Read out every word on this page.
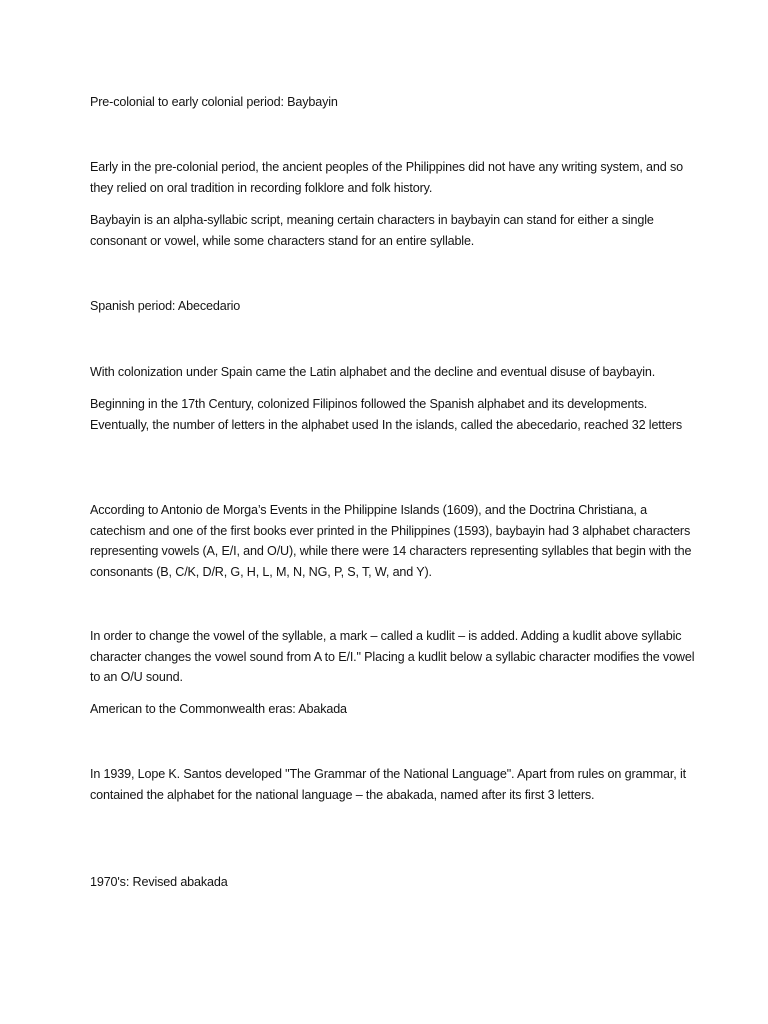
Pre-colonial to early colonial period: Baybayin

Early in the pre-colonial period, the ancient peoples of the Philippines did not have any writing system, and so they relied on oral tradition in recording folklore and folk history.

Baybayin is an alpha-syllabic script, meaning certain characters in baybayin can stand for either a single consonant or vowel, while some characters stand for an entire syllable.

Spanish period: Abecedario

With colonization under Spain came the Latin alphabet and the decline and eventual disuse of baybayin.

Beginning in the 17th Century, colonized Filipinos followed the Spanish alphabet and its developments. Eventually, the number of letters in the alphabet used In the islands, called the abecedario, reached 32 letters

According to Antonio de Morga’s Events in the Philippine Islands (1609), and the Doctrina Christiana, a catechism and one of the first books ever printed in the Philippines (1593), baybayin had 3 alphabet characters representing vowels (A, E/I, and O/U), while there were 14 characters representing syllables that begin with the consonants (B, C/K, D/R, G, H, L, M, N, NG, P, S, T, W, and Y).

In order to change the vowel of the syllable, a mark – called a kudlit – is added. Adding a kudlit above syllabic character changes the vowel sound from A to E/I." Placing a kudlit below a syllabic character modifies the vowel to an O/U sound.

American to the Commonwealth eras: Abakada

In 1939, Lope K. Santos developed "The Grammar of the National Language". Apart from rules on grammar, it contained the alphabet for the national language – the abakada, named after its first 3 letters.

1970's: Revised abakada
